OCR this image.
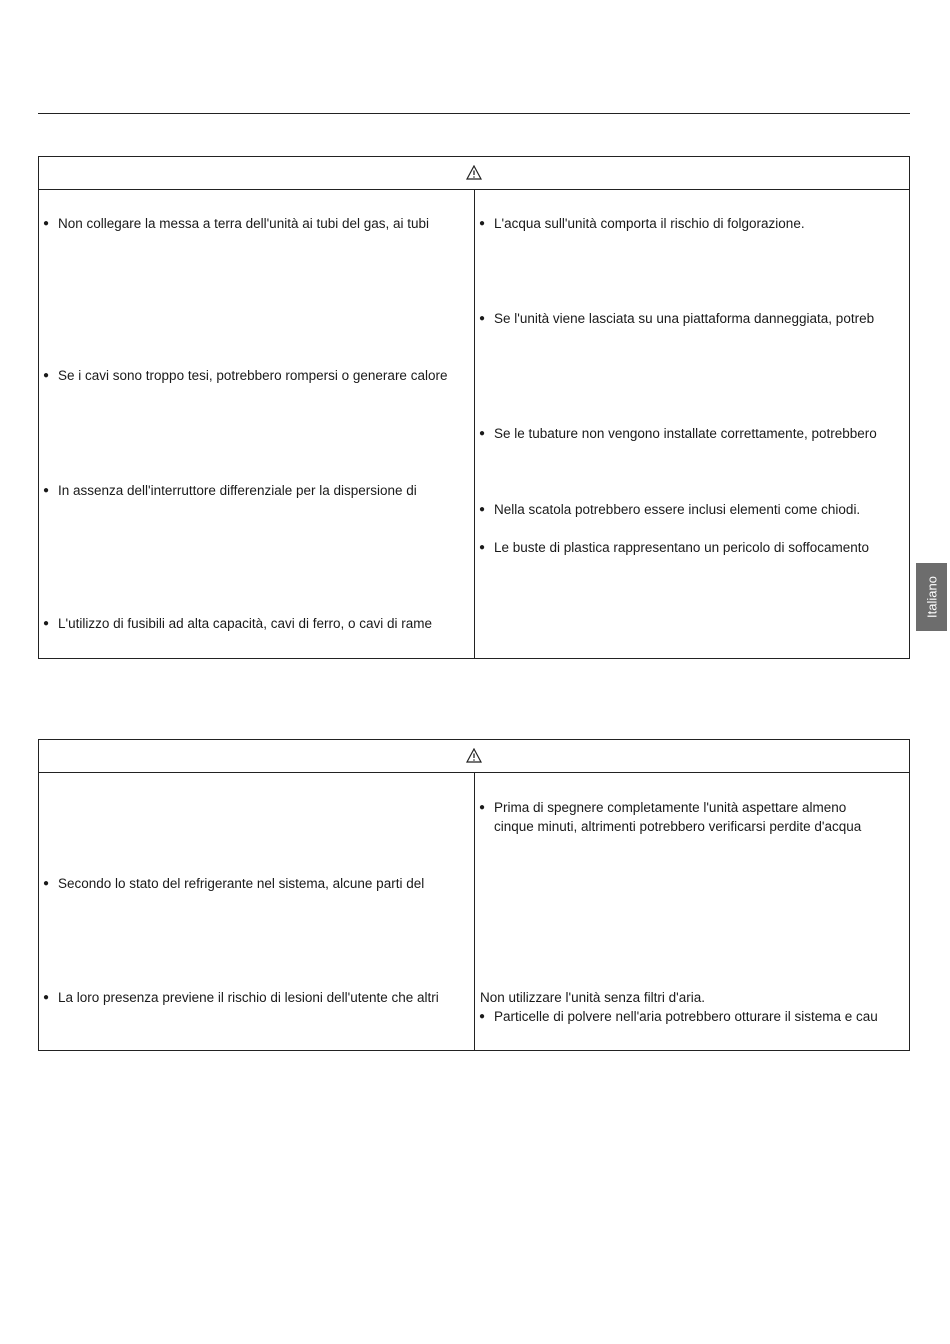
● Non collegare la messa a terra dell'unità ai tubi del gas, ai tubi
● Se i cavi sono troppo tesi, potrebbero rompersi o generare calore
● In assenza dell'interruttore differenziale per la dispersione di
● L'utilizzo di fusibili ad alta capacità, cavi di ferro, o cavi di rame
● L'acqua sull'unità comporta il rischio di folgorazione.
● Se l'unità viene lasciata su una piattaforma danneggiata, potreb
● Se le tubature non vengono installate correttamente, potrebbero
● Nella scatola potrebbero essere inclusi elementi come chiodi.
● Le buste di plastica rappresentano un pericolo di soffocamento
Italiano
● Secondo lo stato del refrigerante nel sistema, alcune parti del
● La loro presenza previene il rischio di lesioni dell'utente che altri
● Prima di spegnere completamente l'unità aspettare almeno
cinque minuti, altrimenti potrebbero verificarsi perdite d'acqua
Non utilizzare l'unità senza filtri d'aria.
● Particelle di polvere nell'aria potrebbero otturare il sistema e cau
